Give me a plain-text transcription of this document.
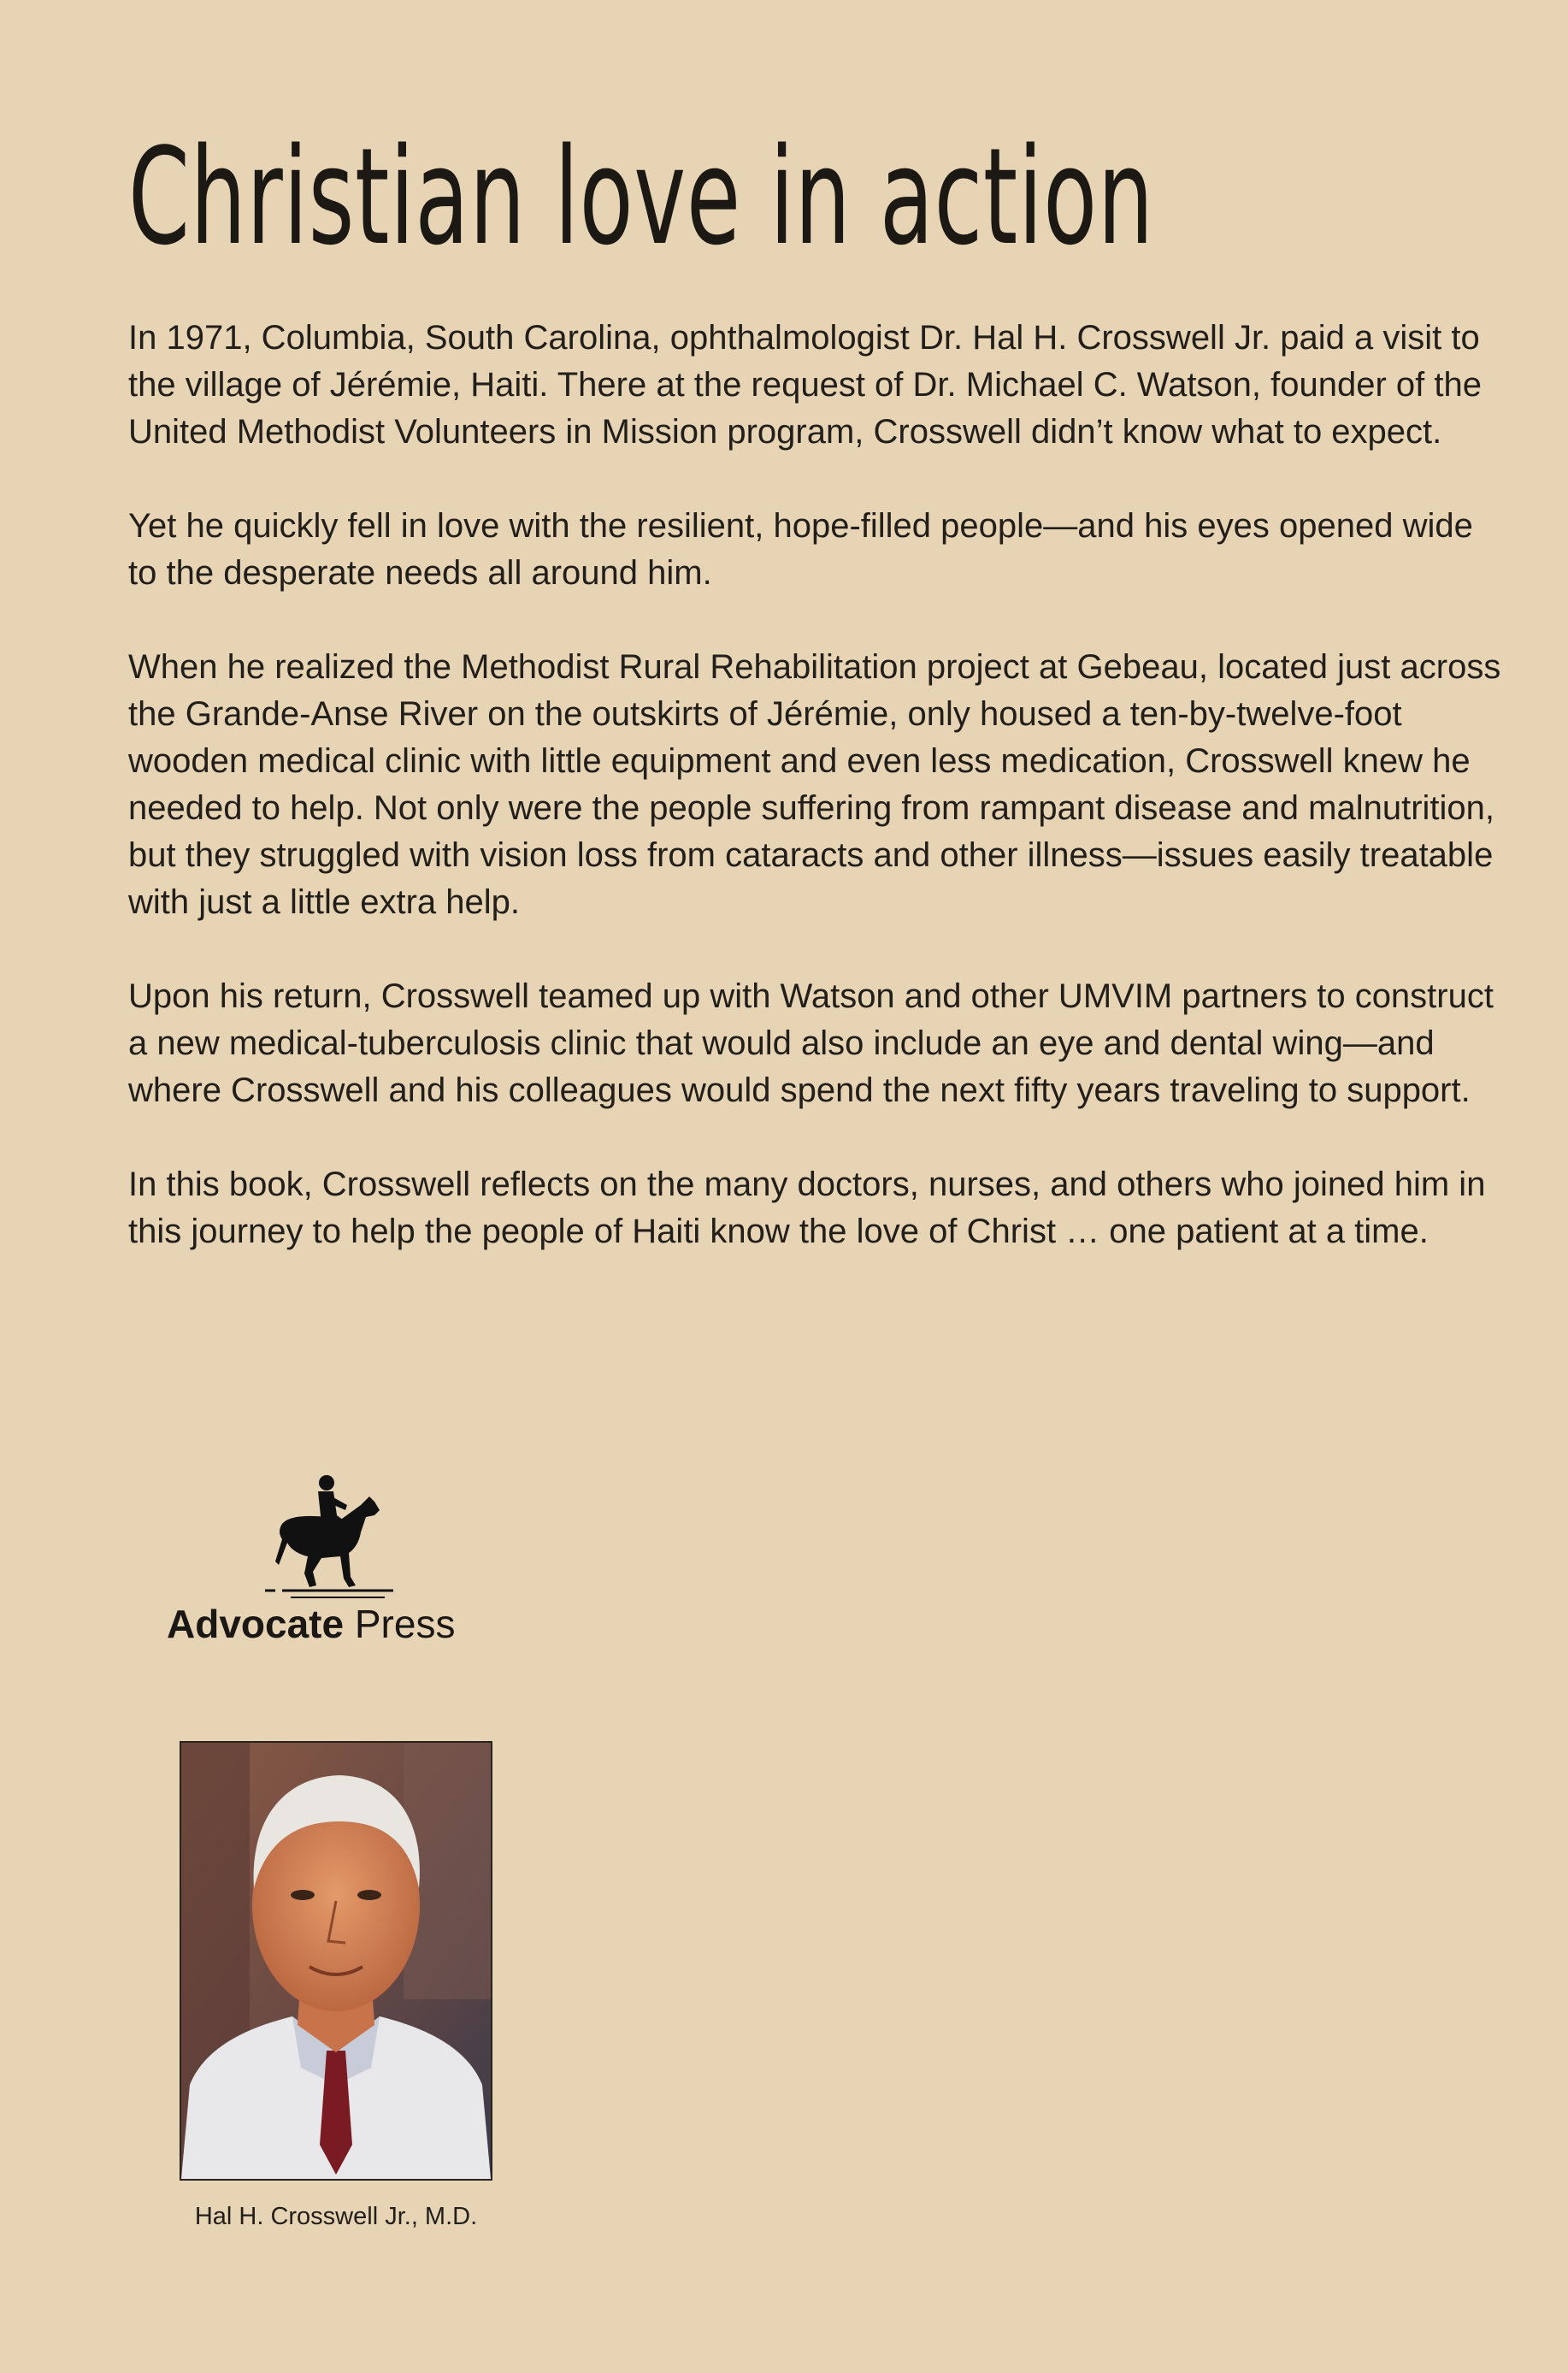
Christian love in action

In 1971, Columbia, South Carolina, ophthalmologist Dr. Hal H. Crosswell Jr. paid a visit to the village of Jérémie, Haiti. There at the request of Dr. Michael C. Watson, founder of the United Methodist Volunteers in Mission program, Crosswell didn’t know what to expect.

Yet he quickly fell in love with the resilient, hope-filled people—and his eyes opened wide to the desperate needs all around him.

When he realized the Methodist Rural Rehabilitation project at Gebeau, located just across the Grande-Anse River on the outskirts of Jérémie, only housed a ten-by-twelve-foot wooden medical clinic with little equipment and even less medication, Crosswell knew he needed to help. Not only were the people suffering from rampant disease and malnutrition, but they struggled with vision loss from cataracts and other illness—issues easily treatable with just a little extra help.

Upon his return, Crosswell teamed up with Watson and other UMVIM partners to construct a new medical-tuberculosis clinic that would also include an eye and dental wing—and where Crosswell and his colleagues would spend the next fifty years traveling to support.

In this book, Crosswell reflects on the many doctors, nurses, and others who joined him in this journey to help the people of Haiti know the love of Christ … one patient at a time.

Advocate Press
Hal H. Crosswell Jr., M.D.
